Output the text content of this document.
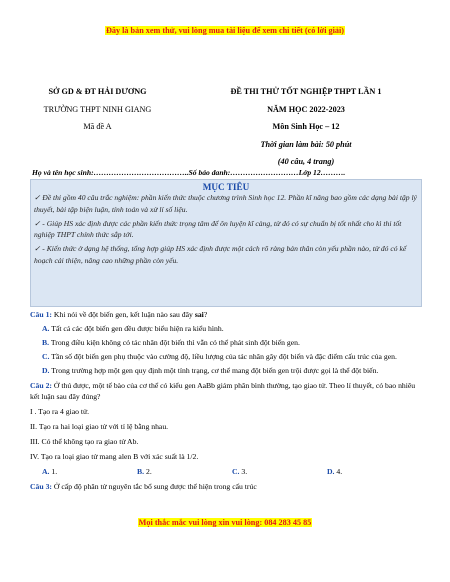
Đây là bản xem thử, vui lòng mua tài liệu để xem chi tiết (có lời giải)
SỞ GD & ĐT HẢI DƯƠNG
TRƯỜNG THPT NINH GIANG
Mã đề A
ĐỀ THI THỬ TỐT NGHIỆP THPT LẦN 1
NĂM HỌC 2022-2023
Môn Sinh Học – 12
Thời gian làm bài: 50 phút
(40 câu, 4 trang)
Họ và tên học sinh:………………………………..Số báo danh:………………………Lớp 12……….
MỤC TIÊU
✓ Đề thi gồm 40 câu trắc nghiệm: phần kiến thức thuộc chương trình Sinh học 12. Phần kĩ năng bao gồm các dạng bài tập lý thuyết, bài tập biện luận, tính toán và xử lí số liệu.
✓ - Giúp HS xác định được các phần kiến thức trọng tâm để ôn luyện kĩ càng, từ đó có sự chuẩn bị tốt nhất cho kì thi tốt nghiệp THPT chính thức sắp tới.
✓ - Kiến thức ở dạng hệ thống, tổng hợp giúp HS xác định được một cách rõ ràng bản thân còn yếu phần nào, từ đó có kế hoạch cải thiện, nâng cao những phần còn yếu.
Câu 1: Khi nói về đột biến gen, kết luận nào sau đây sai?
A. Tất cả các đột biến gen đều được biểu hiện ra kiểu hình.
B. Trong điều kiện không có tác nhân đột biến thì vẫn có thể phát sinh đột biến gen.
C. Tần số đột biến gen phụ thuộc vào cường độ, liều lượng của tác nhân gây đột biến và đặc điểm cấu trúc của gen.
D. Trong trường hợp một gen quy định một tính trạng, cơ thể mang đột biến gen trội được gọi là thể đột biến.
Câu 2: Ở thú được, một tế bào của cơ thể có kiểu gen AaBb giảm phân bình thường, tạo giao tử. Theo lí thuyết, có bao nhiêu kết luận sau đây đúng?
I . Tạo ra 4 giao tử.
II. Tạo ra hai loại giao tử với tỉ lệ bằng nhau.
III. Có thể không tạo ra giao tử Ab.
IV. Tạo ra loại giao tử mang alen B với xác suất là 1/2.
A. 1.	B. 2.	C. 3.	D. 4.
Câu 3: Ở cấp độ phân tử nguyên tắc bổ sung được thể hiện trong cấu trúc
Mọi thắc mắc vui lòng xin vui lòng: 084 283 45 85
